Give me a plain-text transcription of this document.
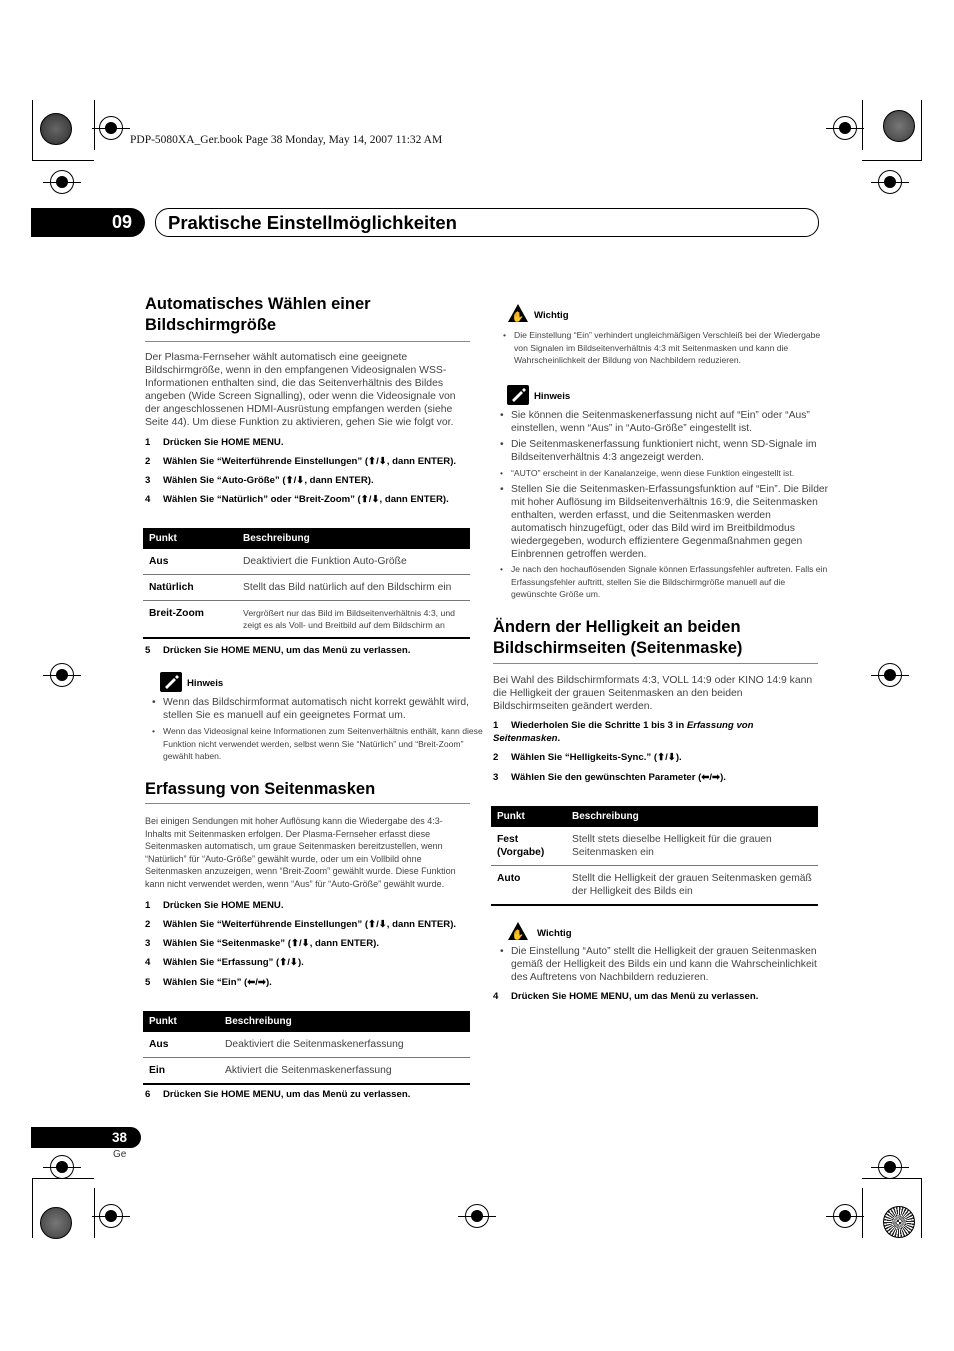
PDP-5080XA_Ger.book Page 38 Monday, May 14, 2007 11:32 AM
09	Praktische Einstellmöglichkeiten
Automatisches Wählen einer
Bildschirmgröße

Der Plasma-Fernseher wählt automatisch eine geeignete Bildschirmgröße, wenn in den empfangenen Videosignalen WSS-Informationen enthalten sind, die das Seitenverhältnis des Bildes angeben (Wide Screen Signalling), oder wenn die Videosignale von der angeschlossenen HDMI-Ausrüstung empfangen werden (siehe Seite 44). Um diese Funktion zu aktivieren, gehen Sie wie folgt vor.

1 Drücken Sie HOME MENU.
2 Wählen Sie “Weiterführende Einstellungen” (⬆/⬇, dann ENTER).
3 Wählen Sie “Auto-Größe” (⬆/⬇, dann ENTER).
4 Wählen Sie “Natürlich” oder “Breit-Zoom” (⬆/⬇, dann ENTER).
Punkt	Beschreibung
Aus	Deaktiviert die Funktion Auto-Größe
Natürlich	Stellt das Bild natürlich auf den Bildschirm ein
Breit-Zoom	Vergrößert nur das Bild im Bildseitenverhältnis 4:3, und zeigt es als Voll- und Breitbild auf dem Bildschirm an
5 Drücken Sie HOME MENU, um das Menü zu verlassen.
Hinweis

• Wenn das Bildschirmformat automatisch nicht korrekt gewählt wird, stellen Sie es manuell auf ein geeignetes Format um.

• Wenn das Videosignal keine Informationen zum Seitenverhältnis enthält, kann diese Funktion nicht verwendet werden, selbst wenn Sie “Natürlich” und “Breit-Zoom” gewählt haben.

Erfassung von Seitenmasken

Bei einigen Sendungen mit hoher Auflösung kann die Wiedergabe des 4:3-Inhalts mit Seitenmasken erfolgen. Der Plasma-Fernseher erfasst diese Seitenmasken automatisch, um graue Seitenmasken bereitzustellen, wenn “Natürlich” für “Auto-Größe” gewählt wurde, oder um ein Vollbild ohne Seitenmasken anzuzeigen, wenn “Breit-Zoom” gewählt wurde. Diese Funktion kann nicht verwendet werden, wenn “Aus” für “Auto-Größe” gewählt wurde.

1 Drücken Sie HOME MENU.
2 Wählen Sie “Weiterführende Einstellungen” (⬆/⬇, dann ENTER).
3 Wählen Sie “Seitenmaske” (⬆/⬇, dann ENTER).
4 Wählen Sie “Erfassung” (⬆/⬇).
5 Wählen Sie “Ein” (⬅/➡).
Punkt	Beschreibung
Aus	Deaktiviert die Seitenmaskenerfassung
Ein	Aktiviert die Seitenmaskenerfassung
6 Drücken Sie HOME MENU, um das Menü zu verlassen.
✋ Wichtig

• Die Einstellung “Ein” verhindert ungleichmäßigen Verschleiß bei der Wiedergabe von Signalen im Bildseitenverhältnis 4:3 mit Seitenmasken und kann die Wahrscheinlichkeit der Bildung von Nachbildern reduzieren.

Hinweis

• Sie können die Seitenmaskenerfassung nicht auf “Ein” oder “Aus” einstellen, wenn “Aus” in “Auto-Größe” eingestellt ist.

• Die Seitenmaskenerfassung funktioniert nicht, wenn SD-Signale im Bildseitenverhältnis 4:3 angezeigt werden.

• “AUTO” erscheint in der Kanalanzeige, wenn diese Funktion eingestellt ist.

• Stellen Sie die Seitenmasken-Erfassungsfunktion auf “Ein”. Die Bilder mit hoher Auflösung im Bildseitenverhältnis 16:9, die Seitenmasken enthalten, werden erfasst, und die Seitenmasken werden automatisch hinzugefügt, oder das Bild wird im Breitbildmodus wiedergegeben, wodurch effizientere Gegenmaßnahmen gegen Einbrennen getroffen werden.

• Je nach den hochauflösenden Signale können Erfassungsfehler auftreten. Falls ein Erfassungsfehler auftritt, stellen Sie die Bildschirmgröße manuell auf die gewünschte Größe um.

Ändern der Helligkeit an beiden
Bildschirmseiten (Seitenmaske)

Bei Wahl des Bildschirmformats 4:3, VOLL 14:9 oder KINO 14:9 kann die Helligkeit der grauen Seitenmasken an den beiden Bildschirmseiten geändert werden.

1 Wiederholen Sie die Schritte 1 bis 3 in Erfassung von
Seitenmasken.
2 Wählen Sie “Helligkeits-Sync.” (⬆/⬇).
3 Wählen Sie den gewünschten Parameter (⬅/➡).
Punkt	Beschreibung
Fest (Vorgabe)	Stellt stets dieselbe Helligkeit für die grauen Seitenmasken ein
Auto	Stellt die Helligkeit der grauen Seitenmasken gemäß der Helligkeit des Bilds ein
✋ Wichtig

• Die Einstellung “Auto” stellt die Helligkeit der grauen Seitenmasken gemäß der Helligkeit des Bilds ein und kann die Wahrscheinlichkeit des Auftretens von Nachbildern reduzieren.

4 Drücken Sie HOME MENU, um das Menü zu verlassen.
38
Ge
